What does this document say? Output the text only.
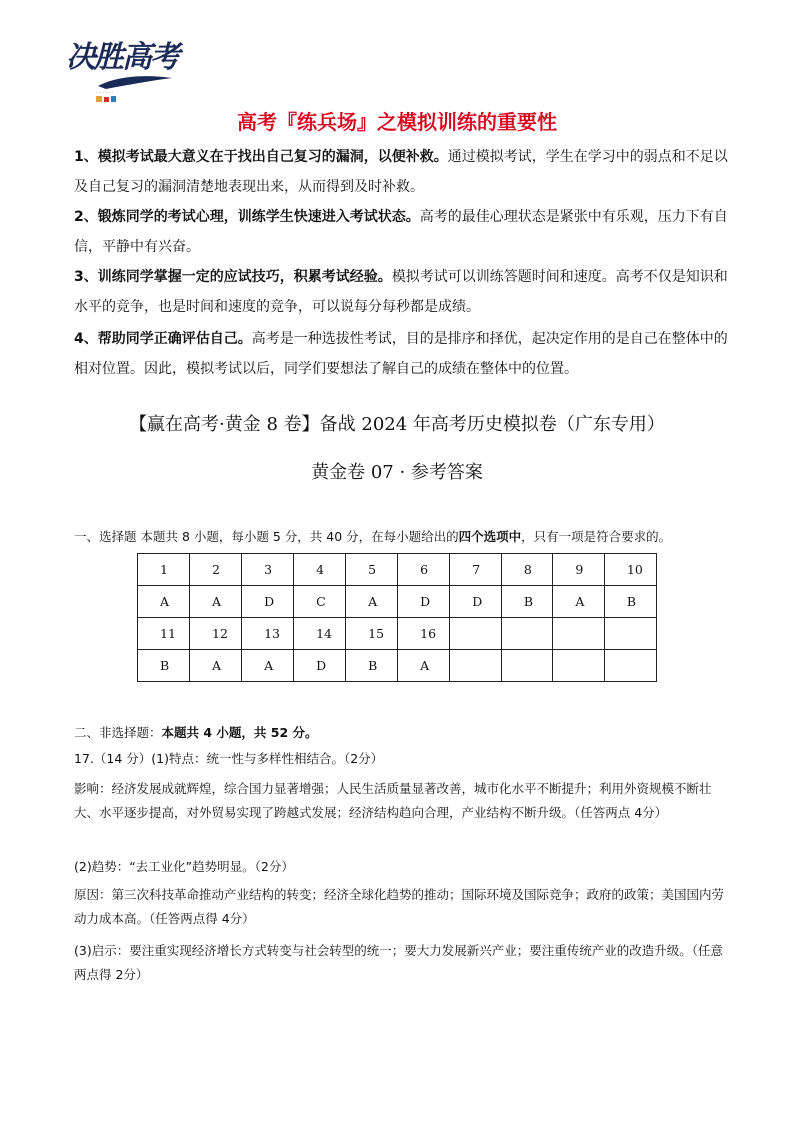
决胜高考
· · · · · ·
高考『练兵场』之模拟训练的重要性

1、模拟考试最大意义在于找出自己复习的漏洞，以便补救。通过模拟考试，学生在学习中的弱点和不足以及自己复习的漏洞清楚地表现出来，从而得到及时补救。

2、锻炼同学的考试心理，训练学生快速进入考试状态。高考的最佳心理状态是紧张中有乐观，压力下有自信，平静中有兴奋。

3、训练同学掌握一定的应试技巧，积累考试经验。模拟考试可以训练答题时间和速度。高考不仅是知识和水平的竞争，也是时间和速度的竞争，可以说每分每秒都是成绩。

4、帮助同学正确评估自己。高考是一种选拔性考试，目的是排序和择优，起决定作用的是自己在整体中的相对位置。因此，模拟考试以后，同学们要想法了解自己的成绩在整体中的位置。

【赢在高考·黄金 8 卷】备战 2024 年高考历史模拟卷（广东专用）
黄金卷 07 · 参考答案
一、选择题 本题共 8 小题，每小题 5 分，共 40 分，在每小题给出的四个选项中，只有一项是符合要求的。
1	2	3	4	5	6	7	8	9	10
A	A	D	C	A	D	D	B	A	B
11	12	13	14	15	16				
B	A	A	D	B	A				
二、非选择题：本题共 4 小题，共 52 分。

17.（14 分）(1)特点：统一性与多样性相结合。（2分）

影响：经济发展成就辉煌，综合国力显著增强；人民生活质量显著改善，城市化水平不断提升；利用外资规模不断壮大、水平逐步提高，对外贸易实现了跨越式发展；经济结构趋向合理，产业结构不断升级。（任答两点 4分）

(2)趋势：“去工业化”趋势明显。（2分）

原因：第三次科技革命推动产业结构的转变；经济全球化趋势的推动；国际环境及国际竞争；政府的政策；美国国内劳动力成本高。（任答两点得 4分）

(3)启示：要注重实现经济增长方式转变与社会转型的统一；要大力发展新兴产业；要注重传统产业的改造升级。（任意两点得 2分）
